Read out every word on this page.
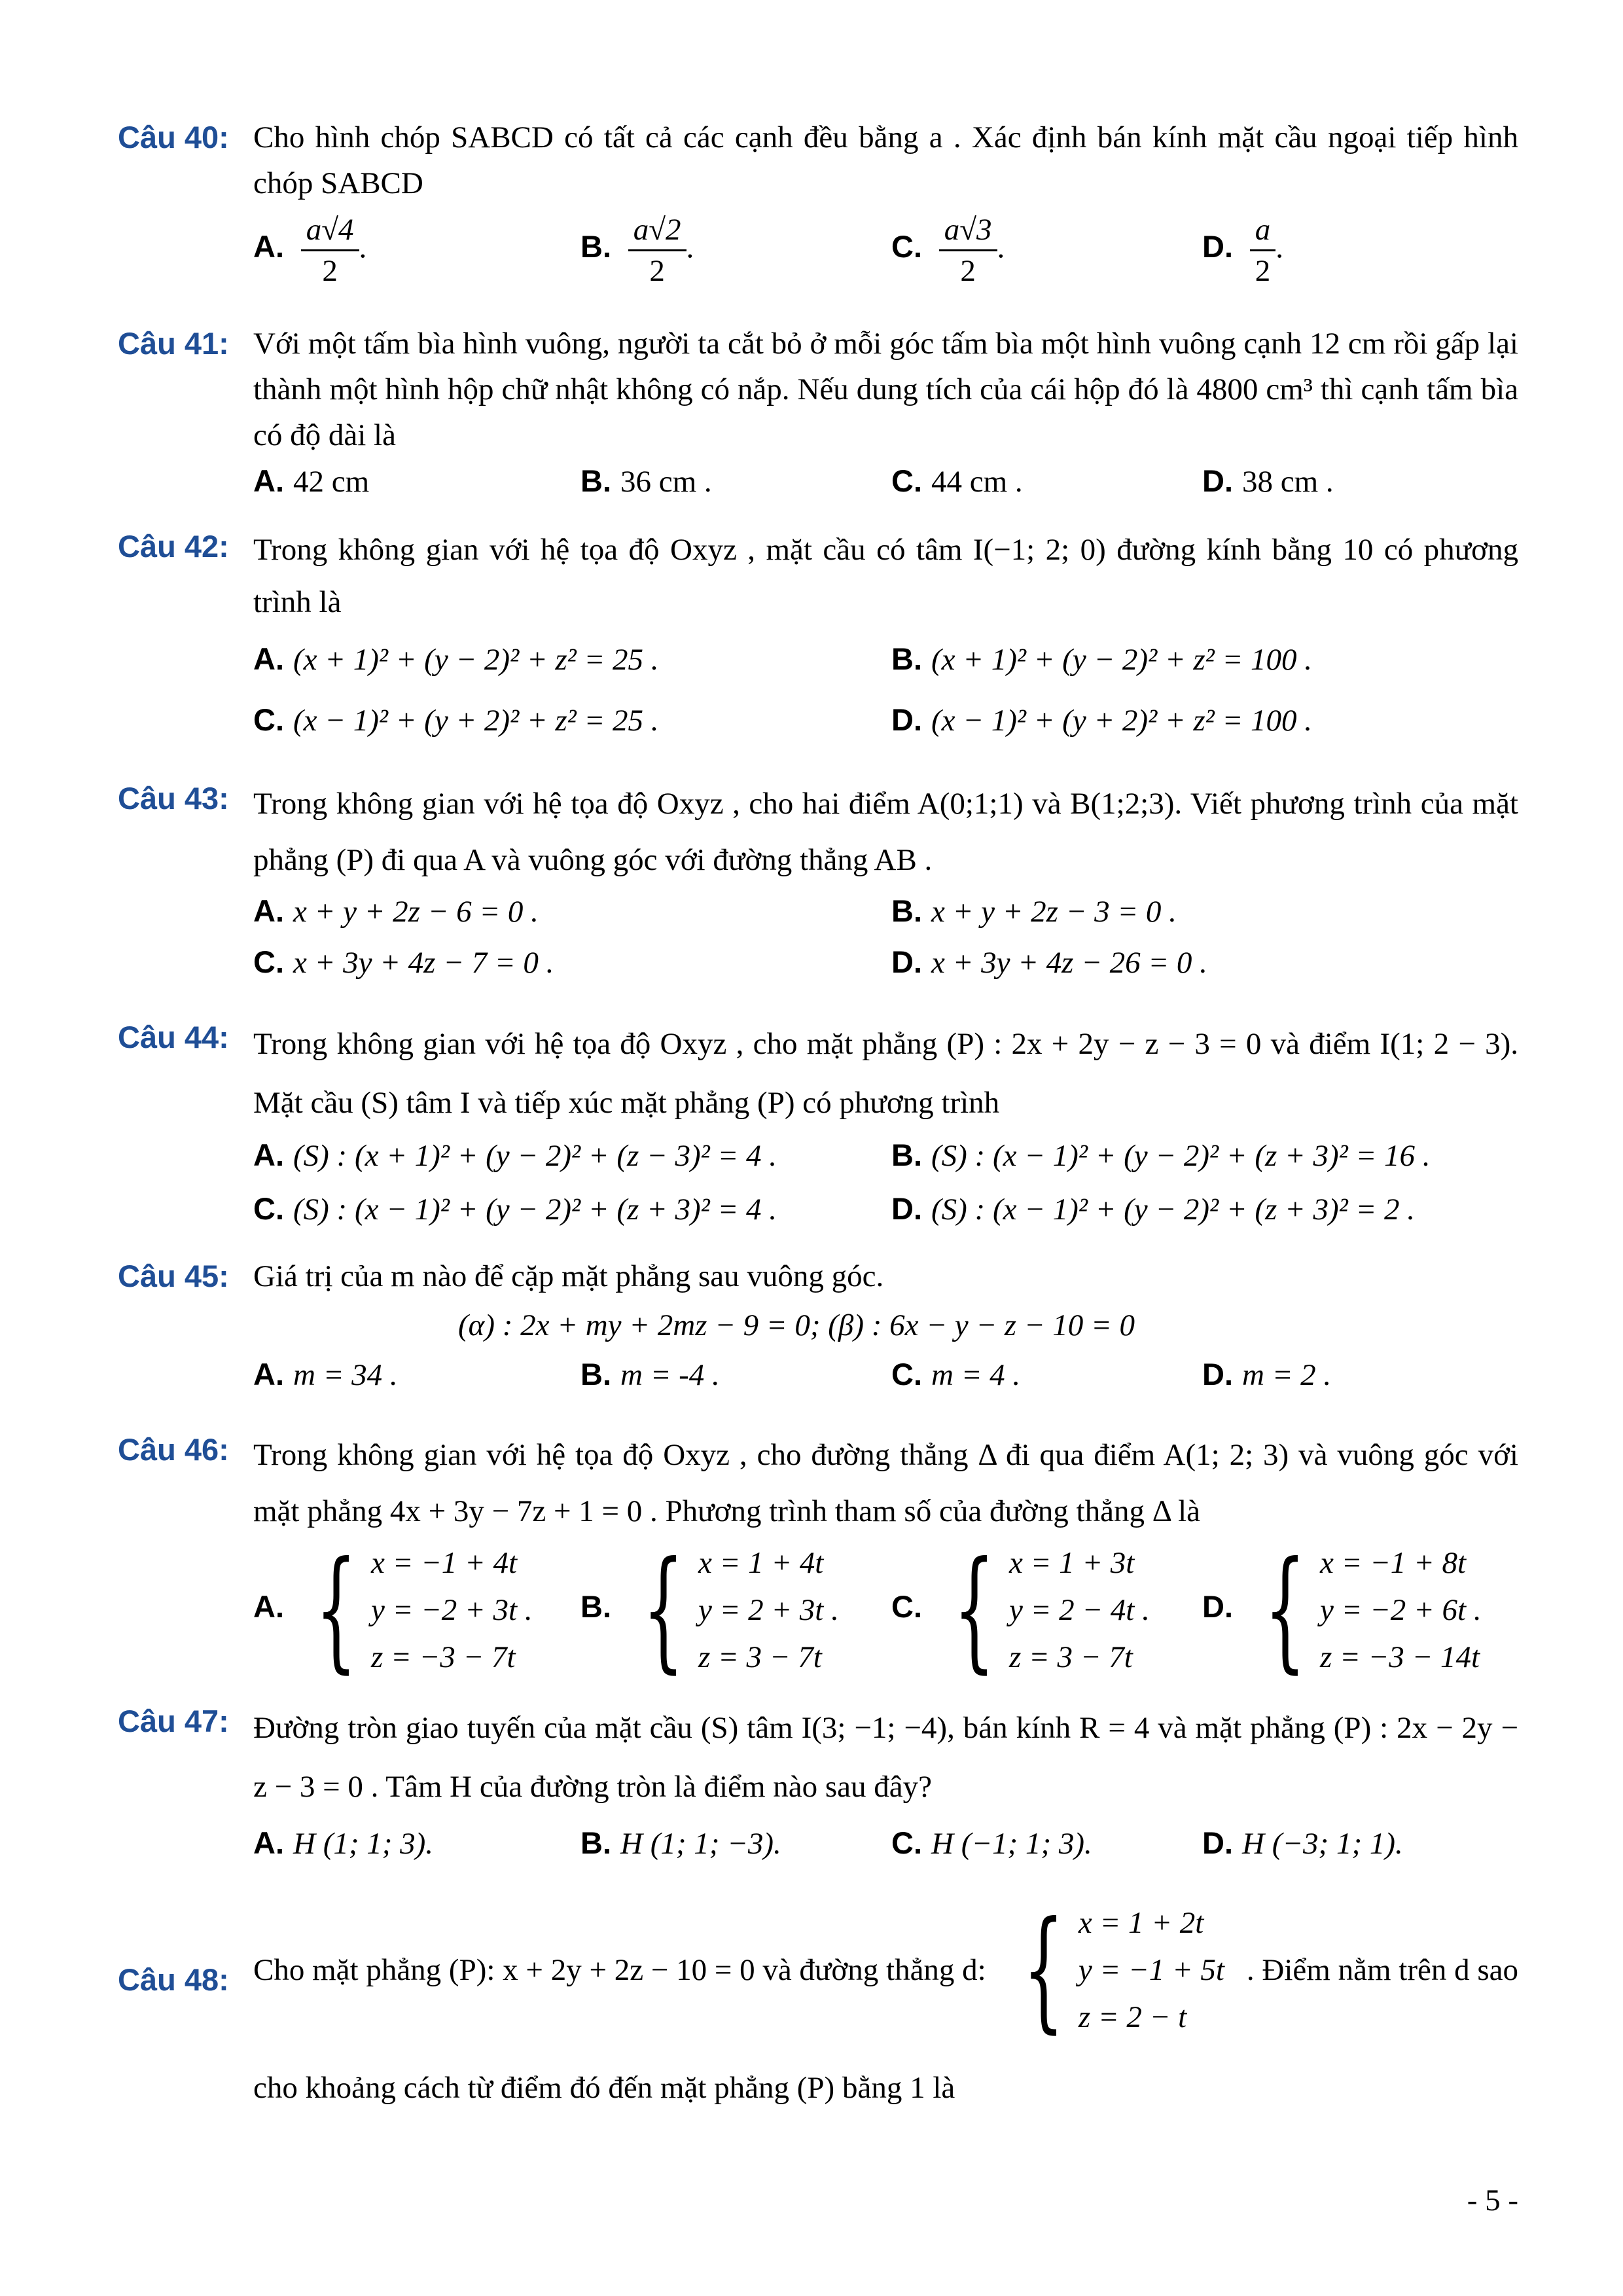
Câu 40: Cho hình chóp SABCD có tất cả các cạnh đều bằng a . Xác định bán kính mặt cầu ngoại tiếp hình chóp SABCD
A. $\frac{a√4}{2}$ .	B. $\frac{a√2}{2}$ .	C. $\frac{a√3}{2}$ .	D. $\frac{a}{2}$ .
Câu 41: Với một tấm bìa hình vuông, người ta cắt bỏ ở mỗi góc tấm bìa một hình vuông cạnh 12 cm rồi gấp lại thành một hình hộp chữ nhật không có nắp. Nếu dung tích của cái hộp đó là 4800 cm³ thì cạnh tấm bìa có độ dài là
A. 42 cm	B. 36 cm .	C. 44 cm .	D. 38 cm .
Câu 42: Trong không gian với hệ tọa độ Oxyz , mặt cầu có tâm I(−1; 2; 0) đường kính bằng 10 có phương trình là
A. (x + 1)² + (y − 2)² + z² = 25 .	B. (x + 1)² + (y − 2)² + z² = 100 .
C. (x − 1)² + (y + 2)² + z² = 25 .	D. (x − 1)² + (y + 2)² + z² = 100 .
Câu 43: Trong không gian với hệ tọa độ Oxyz , cho hai điểm A(0;1;1) và B(1;2;3). Viết phương trình của mặt phẳng (P) đi qua A và vuông góc với đường thẳng AB .
A. x + y + 2z − 6 = 0 .	B. x + y + 2z − 3 = 0 .
C. x + 3y + 4z − 7 = 0 .	D. x + 3y + 4z − 26 = 0 .
Câu 44: Trong không gian với hệ tọa độ Oxyz , cho mặt phẳng (P) : 2x + 2y − z − 3 = 0 và điểm I(1; 2 − 3). Mặt cầu (S) tâm I và tiếp xúc mặt phẳng (P) có phương trình
A. (S) : (x + 1)² + (y − 2)² + (z − 3)² = 4 .	B. (S) : (x − 1)² + (y − 2)² + (z + 3)² = 16 .
C. (S) : (x − 1)² + (y − 2)² + (z + 3)² = 4 .	D. (S) : (x − 1)² + (y − 2)² + (z + 3)² = 2 .
Câu 45: Giá trị của m nào để cặp mặt phẳng sau vuông góc.
(α) : 2x + my + 2mz − 9 = 0; (β) : 6x − y − z − 10 = 0
A. m = 34 .	B. m = -4 .	C. m = 4 .	D. m = 2 .
Câu 46: Trong không gian với hệ tọa độ Oxyz , cho đường thẳng Δ đi qua điểm A(1; 2; 3) và vuông góc với mặt phẳng 4x + 3y − 7z + 1 = 0 . Phương trình tham số của đường thẳng Δ là
A. { x = −1 + 4t
y = −2 + 3t .
z = −3 − 7t
B. { x = 1 + 4t
y = 2 + 3t .
z = 3 − 7t
C. { x = 1 + 3t
y = 2 − 4t .
z = 3 − 7t
D. { x = −1 + 8t
y = −2 + 6t .
z = −3 − 14t
Câu 47: Đường tròn giao tuyến của mặt cầu (S) tâm I(3; −1; −4), bán kính R = 4 và mặt phẳng (P) : 2x − 2y − z − 3 = 0 . Tâm H của đường tròn là điểm nào sau đây?
A. H (1; 1; 3).	B. H (1; 1; −3).	C. H (−1; 1; 3).	D. H (−3; 1; 1).
Câu 48: Cho mặt phẳng (P): x + 2y + 2z − 10 = 0 và đường thẳng d: { x = 1 + 2t
y = −1 + 5t
z = 2 − t
. Điểm nằm trên d sao
cho khoảng cách từ điểm đó đến mặt phẳng (P) bằng 1 là
- 5 -
